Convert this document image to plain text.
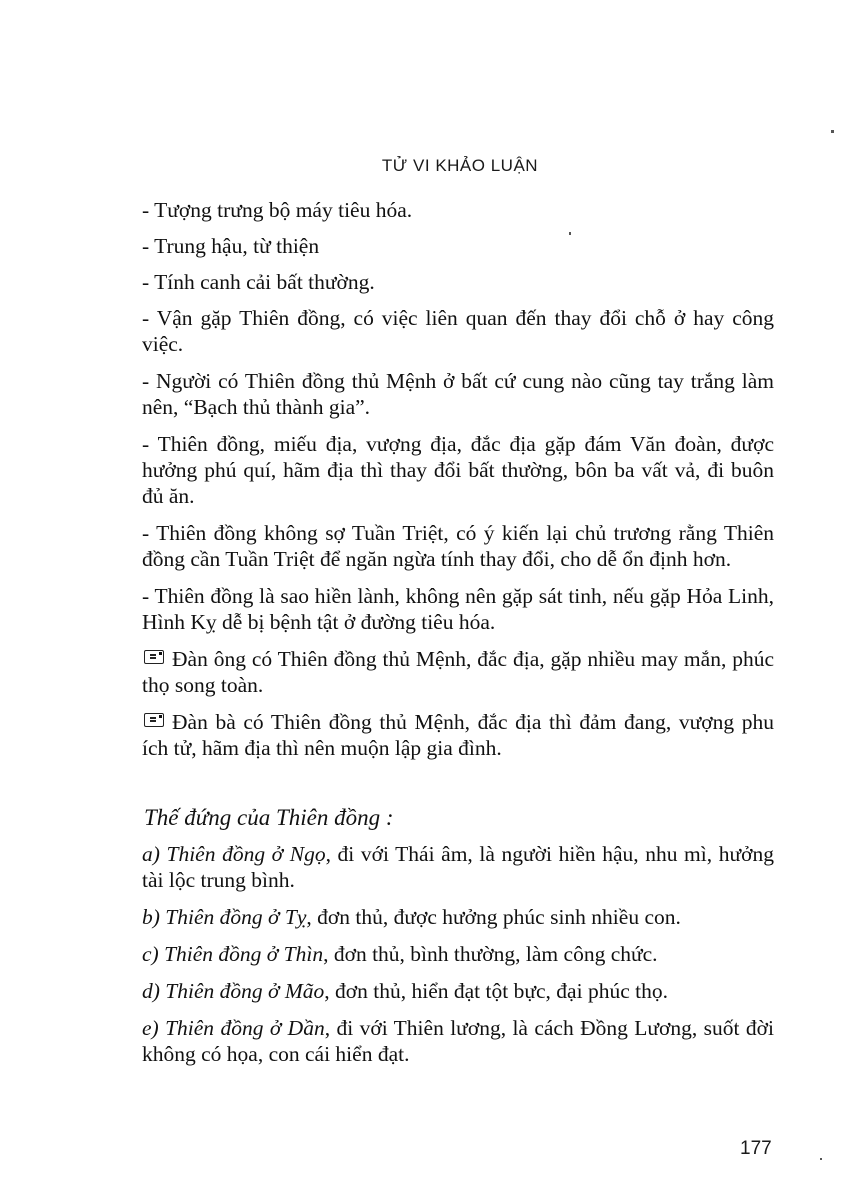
TỬ VI KHẢO LUẬN

- Tượng trưng bộ máy tiêu hóa.

- Trung hậu, từ thiện

- Tính canh cải bất thường.

- Vận gặp Thiên đồng, có việc liên quan đến thay đổi chỗ ở hay công việc.

- Người có Thiên đồng thủ Mệnh ở bất cứ cung nào cũng tay trắng làm nên, “Bạch thủ thành gia”.

- Thiên đồng, miếu địa, vượng địa, đắc địa gặp đám Văn đoàn, được hưởng phú quí, hãm địa thì thay đổi bất thường, bôn ba vất vả, đi buôn đủ ăn.

- Thiên đồng không sợ Tuần Triệt, có ý kiến lại chủ trương rằng Thiên đồng cần Tuần Triệt để ngăn ngừa tính thay đổi, cho dễ ổn định hơn.

- Thiên đồng là sao hiền lành, không nên gặp sát tinh, nếu gặp Hỏa Linh, Hình Kỵ dễ bị bệnh tật ở đường tiêu hóa.

Đàn ông có Thiên đồng thủ Mệnh, đắc địa, gặp nhiều may mắn, phúc thọ song toàn.

Đàn bà có Thiên đồng thủ Mệnh, đắc địa thì đảm đang, vượng phu ích tử, hãm địa thì nên muộn lập gia đình.

Thế đứng của Thiên đồng :

a) Thiên đồng ở Ngọ, đi với Thái âm, là người hiền hậu, nhu mì, hưởng tài lộc trung bình.

b) Thiên đồng ở Tỵ, đơn thủ, được hưởng phúc sinh nhiều con.

c) Thiên đồng ở Thìn, đơn thủ, bình thường, làm công chức.

d) Thiên đồng ở Mão, đơn thủ, hiển đạt tột bực, đại phúc thọ.

e) Thiên đồng ở Dần, đi với Thiên lương, là cách Đồng Lương, suốt đời không có họa, con cái hiển đạt.

177
